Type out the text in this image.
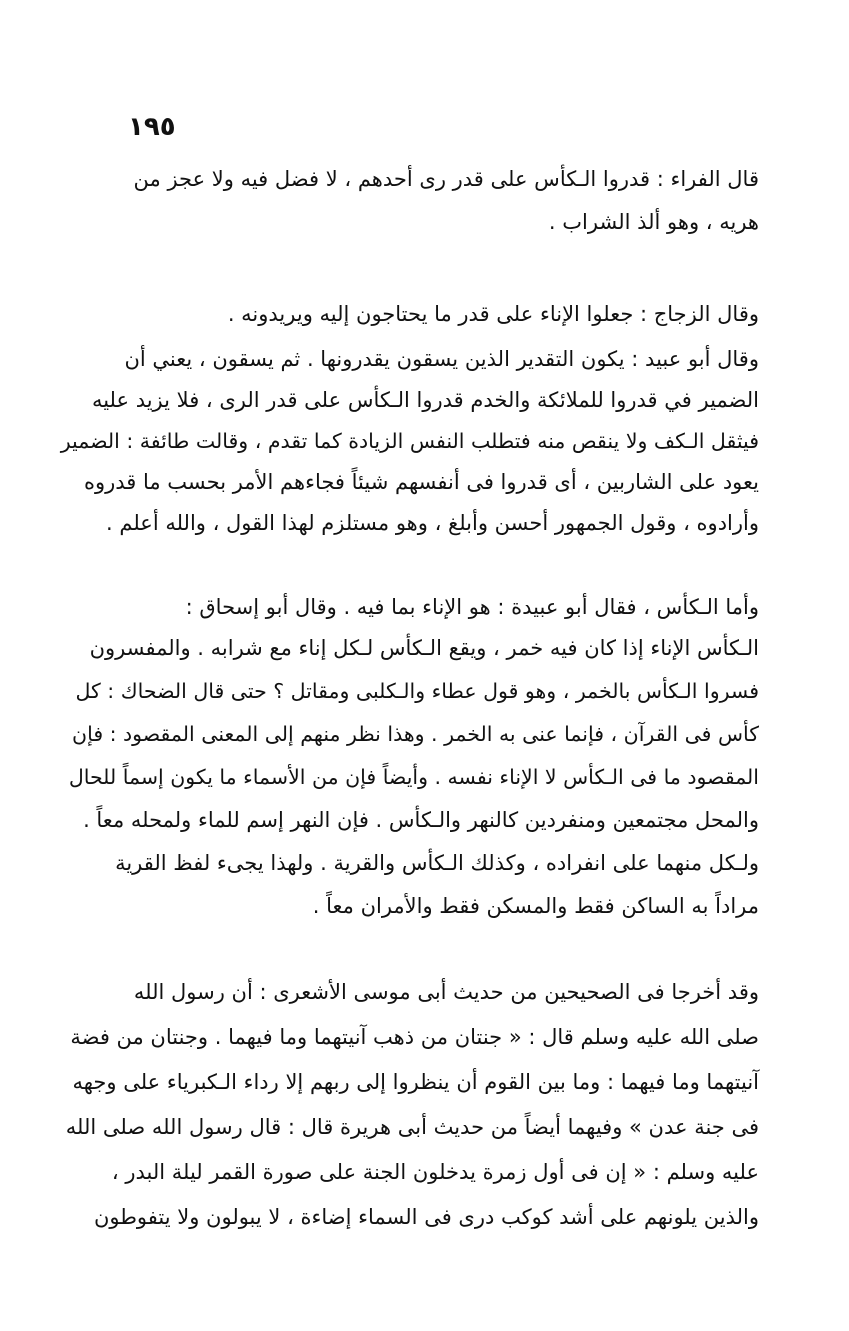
١٩٥
قال الفراء : قدروا الـكأس على قدر رى أحدهم ، لا فضل فيه ولا عجز من
هريه ، وهو ألذ الشراب .
وقال الزجاج : جعلوا الإناء على قدر ما يحتاجون إليه ويريدونه .
وقال أبو عبيد : يكون التقدير الذين يسقون يقدرونها . ثم يسقون ، يعني أن
الضمير في قدروا للملائكة والخدم قدروا الـكأس على قدر الرى ، فلا يزيد عليه
فيثقل الـكف ولا ينقص منه فتطلب النفس الزيادة كما تقدم ، وقالت طائفة : الضمير
يعود على الشاربين ، أى قدروا فى أنفسهم شيئاً فجاءهم الأمر بحسب ما قدروه
وأرادوه ، وقول الجمهور أحسن وأبلغ ، وهو مستلزم لهذا القول ، والله أعلم .
وأما الـكأس ، فقال أبو عبيدة : هو الإناء بما فيه . وقال أبو إسحاق :
الـكأس الإناء إذا كان فيه خمر ، ويقع الـكأس لـكل إناء مع شرابه . والمفسرون
فسروا الـكأس بالخمر ، وهو قول عطاء والـكلبى ومقاتل ؟ حتى قال الضحاك : كل
كأس فى القرآن ، فإنما عنى به الخمر . وهذا نظر منهم إلى المعنى المقصود : فإن
المقصود ما فى الـكأس لا الإناء نفسه . وأيضاً فإن من الأسماء ما يكون إسماً للحال
والمحل مجتمعين ومنفردين كالنهر والـكأس . فإن النهر إسم للماء ولمحله معاً .
ولـكل منهما على انفراده ، وكذلك الـكأس والقرية . ولهذا يجىء لفظ القرية
مراداً به الساكن فقط والمسكن فقط والأمران معاً .
وقد أخرجا فى الصحيحين من حديث أبى موسى الأشعرى : أن رسول الله
صلى الله عليه وسلم قال : « جنتان من ذهب آنيتهما وما فيهما . وجنتان من فضة
آنيتهما وما فيهما : وما بين القوم أن ينظروا إلى ربهم إلا رداء الـكبرياء على وجهه
فى جنة عدن » وفيهما أيضاً من حديث أبى هريرة قال : قال رسول الله صلى الله
عليه وسلم : « إن فى أول زمرة يدخلون الجنة على صورة القمر ليلة البدر ،
والذين يلونهم على أشد كوكب درى فى السماء إضاءة ، لا يبولون ولا يتفوطون
